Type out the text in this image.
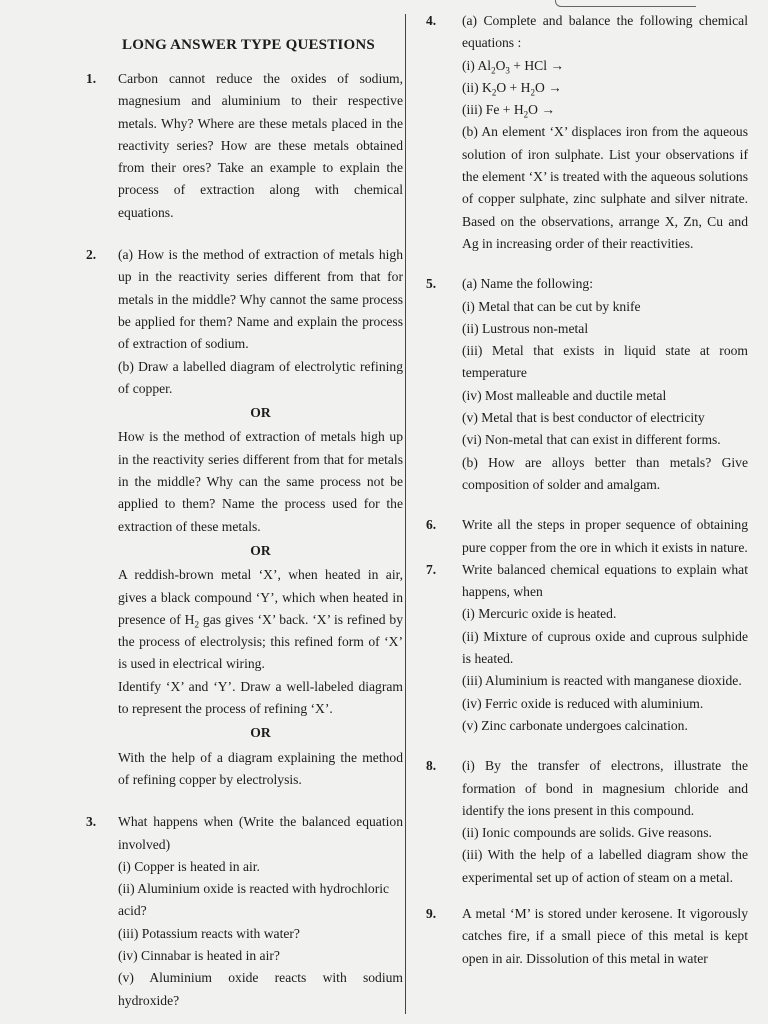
LONG ANSWER TYPE QUESTIONS
1. Carbon cannot reduce the oxides of sodium, magnesium and aluminium to their respective metals. Why? Where are these metals placed in the reactivity series? How are these metals obtained from their ores? Take an example to explain the process of extraction along with chemical equations.

2. (a) How is the method of extraction of metals high up in the reactivity series different from that for metals in the middle? Why cannot the same process be applied for them? Name and explain the process of extraction of sodium.

(b) Draw a labelled diagram of electrolytic refining of copper.

OR

How is the method of extraction of metals high up in the reactivity series different from that for metals in the middle? Why can the same process not be applied to them? Name the process used for the extraction of these metals.

OR

A reddish-brown metal ‘X’, when heated in air, gives a black compound ‘Y’, which when heated in presence of $H_2$ gas gives ‘X’ back. ‘X’ is refined by the process of electrolysis; this refined form of ‘X’ is used in electrical wiring.

Identify ‘X’ and ‘Y’. Draw a well-labeled diagram to represent the process of refining ‘X’.

OR

With the help of a diagram explaining the method of refining copper by electrolysis.

3. What happens when (Write the balanced equation involved)

(i) Copper is heated in air.
(ii) Aluminium oxide is reacted with hydrochloric acid?
(iii) Potassium reacts with water?
(iv) Cinnabar is heated in air?

(v) Aluminium oxide reacts with sodium hydroxide?

4. (a) Complete and balance the following chemical equations :

(i) $Al_2O_3$ + HCl →
(ii) $K_2O + H_2O$ →
(iii) $Fe + H_2O$ →

(b) An element ‘X’ displaces iron from the aqueous solution of iron sulphate. List your observations if the element ‘X’ is treated with the aqueous solutions of copper sulphate, zinc sulphate and silver nitrate. Based on the observations, arrange X, Zn, Cu and Ag in increasing order of their reactivities.

5. (a) Name the following:
(i) Metal that can be cut by knife
(ii) Lustrous non-metal

(iii) Metal that exists in liquid state at room temperature

(iv) Most malleable and ductile metal
(v) Metal that is best conductor of electricity
(vi) Non-metal that can exist in different forms.

(b) How are alloys better than metals? Give composition of solder and amalgam.

6. Write all the steps in proper sequence of obtaining pure copper from the ore in which it exists in nature.

7. Write balanced chemical equations to explain what happens, when

(i) Mercuric oxide is heated.

(ii) Mixture of cuprous oxide and cuprous sulphide is heated.

(iii) Aluminium is reacted with manganese dioxide.
(iv) Ferric oxide is reduced with aluminium.
(v) Zinc carbonate undergoes calcination.
8. (i) By the transfer of electrons, illustrate the formation of bond in magnesium chloride and identify the ions present in this compound.

(ii) Ionic compounds are solids. Give reasons.

(iii) With the help of a labelled diagram show the experimental set up of action of steam on a metal.

9. A metal ‘M’ is stored under kerosene. It vigorously catches fire, if a small piece of this metal is kept open in air. Dissolution of this metal in water
